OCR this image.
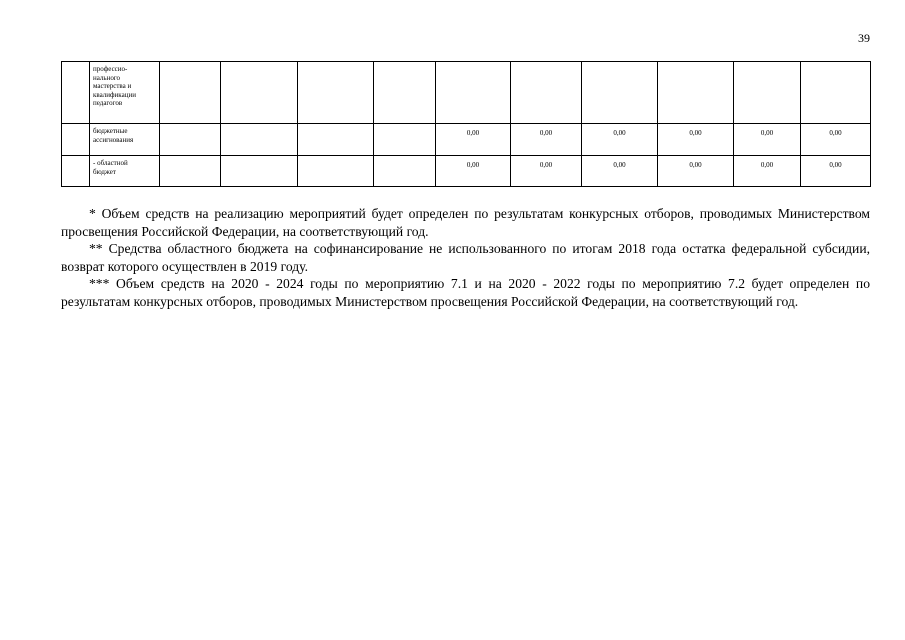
39
	професcио-
нального
мастерства и
квалификации
педагогов										
	бюджетные
ассигнования					0,00	0,00	0,00	0,00	0,00	0,00
	- областной
бюджет					0,00	0,00	0,00	0,00	0,00	0,00

* Объем средств на реализацию мероприятий будет определен по результатам конкурсных отборов, проводимых Министерством просвещения Российской Федерации, на соответствующий год.

** Средства областного бюджета на софинансирование не использованного по итогам 2018 года остатка федеральной субсидии, возврат которого осуществлен в 2019 году.

*** Объем средств на 2020 - 2024 годы по мероприятию 7.1 и на 2020 - 2022 годы по мероприятию 7.2 будет определен по результатам конкурсных отборов, проводимых Министерством просвещения Российской Федерации, на соответствующий год.
